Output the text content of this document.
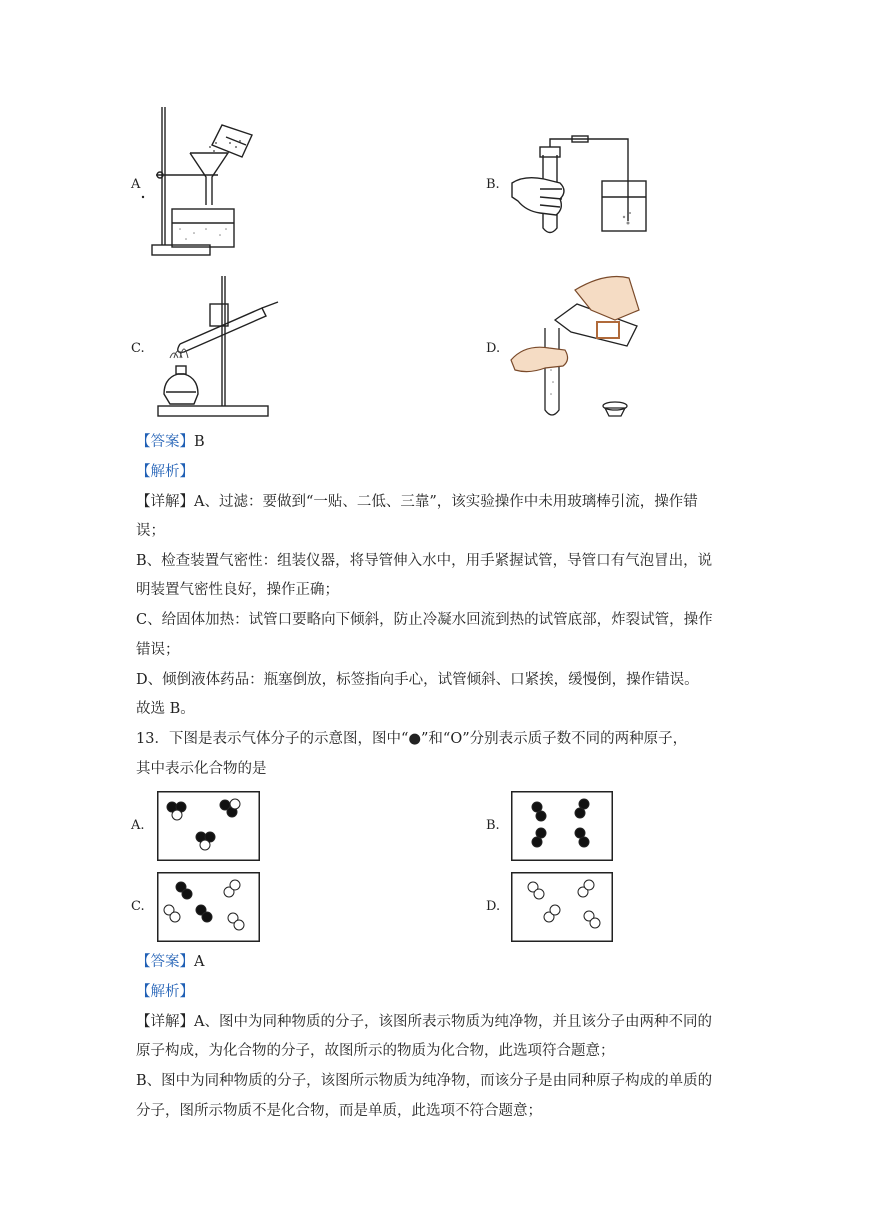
A	B.
C.	D.
【答案】B
【解析】
【详解】A、过滤：要做到“一贴、二低、三靠”，该实验操作中未用玻璃棒引流，操作错
误；
B、检查装置气密性：组装仪器，将导管伸入水中，用手紧握试管，导管口有气泡冒出，说
明装置气密性良好，操作正确；
C、给固体加热：试管口要略向下倾斜，防止冷凝水回流到热的试管底部，炸裂试管，操作
错误；
D、倾倒液体药品：瓶塞倒放，标签指向手心，试管倾斜、口紧挨，缓慢倒，操作错误。
故选 B。
13．下图是表示气体分子的示意图，图中“●”和“O”分别表示质子数不同的两种原子，
其中表示化合物的是
A.	B.
C.	D.
【答案】A
【解析】
【详解】A、图中为同种物质的分子，该图所表示物质为纯净物，并且该分子由两种不同的
原子构成，为化合物的分子，故图所示的物质为化合物，此选项符合题意；
B、图中为同种物质的分子，该图所示物质为纯净物，而该分子是由同种原子构成的单质的
分子，图所示物质不是化合物，而是单质，此选项不符合题意；
